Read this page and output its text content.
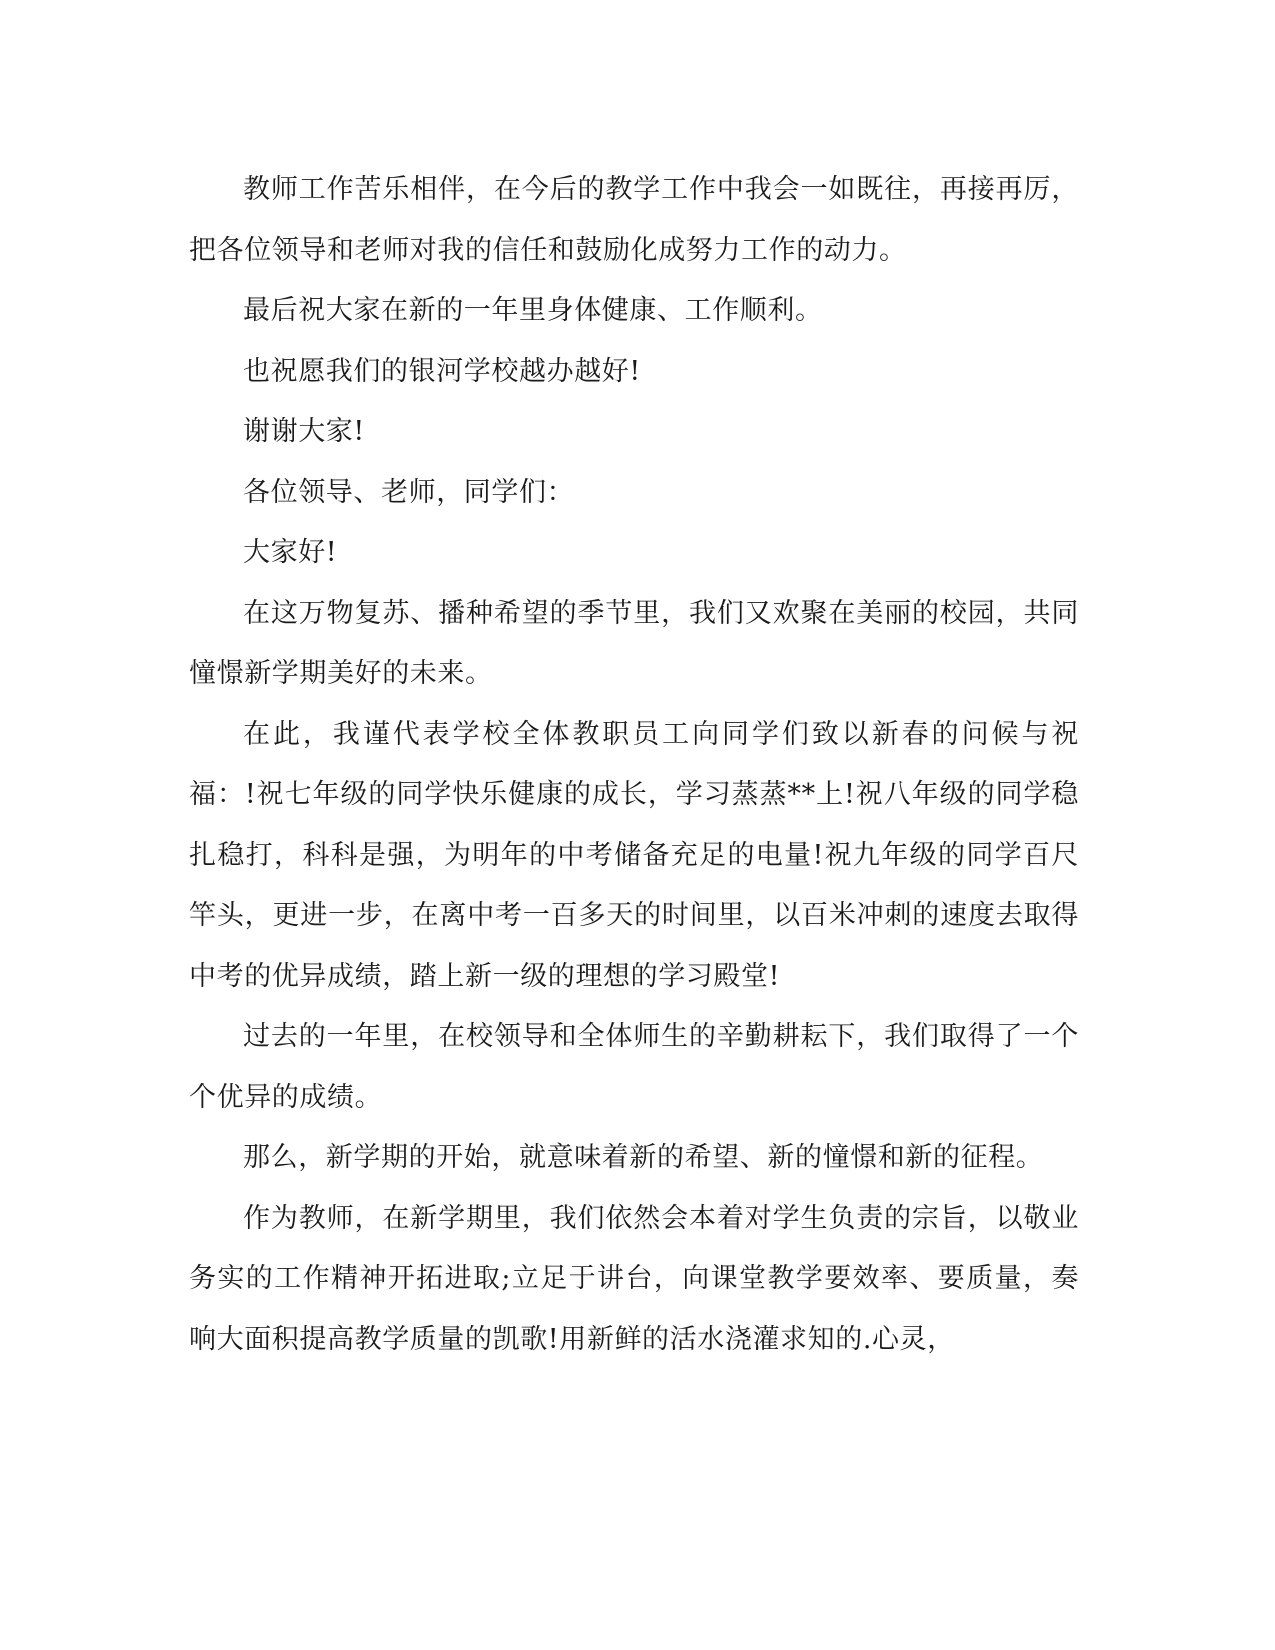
教师工作苦乐相伴，在今后的教学工作中我会一如既往，再接再厉，把各位领导和老师对我的信任和鼓励化成努力工作的动力。

最后祝大家在新的一年里身体健康、工作顺利。

也祝愿我们的银河学校越办越好!

谢谢大家!

各位领导、老师，同学们：

大家好!

在这万物复苏、播种希望的季节里，我们又欢聚在美丽的校园，共同憧憬新学期美好的未来。

在此，我谨代表学校全体教职员工向同学们致以新春的问候与祝福：!祝七年级的同学快乐健康的成长，学习蒸蒸**上!祝八年级的同学稳扎稳打，科科是强，为明年的中考储备充足的电量!祝九年级的同学百尺竿头，更进一步，在离中考一百多天的时间里，以百米冲刺的速度去取得中考的优异成绩，踏上新一级的理想的学习殿堂!

过去的一年里，在校领导和全体师生的辛勤耕耘下，我们取得了一个个优异的成绩。

那么，新学期的开始，就意味着新的希望、新的憧憬和新的征程。

作为教师，在新学期里，我们依然会本着对学生负责的宗旨，以敬业务实的工作精神开拓进取;立足于讲台，向课堂教学要效率、要质量，奏响大面积提高教学质量的凯歌!用新鲜的活水浇灌求知的.心灵，
